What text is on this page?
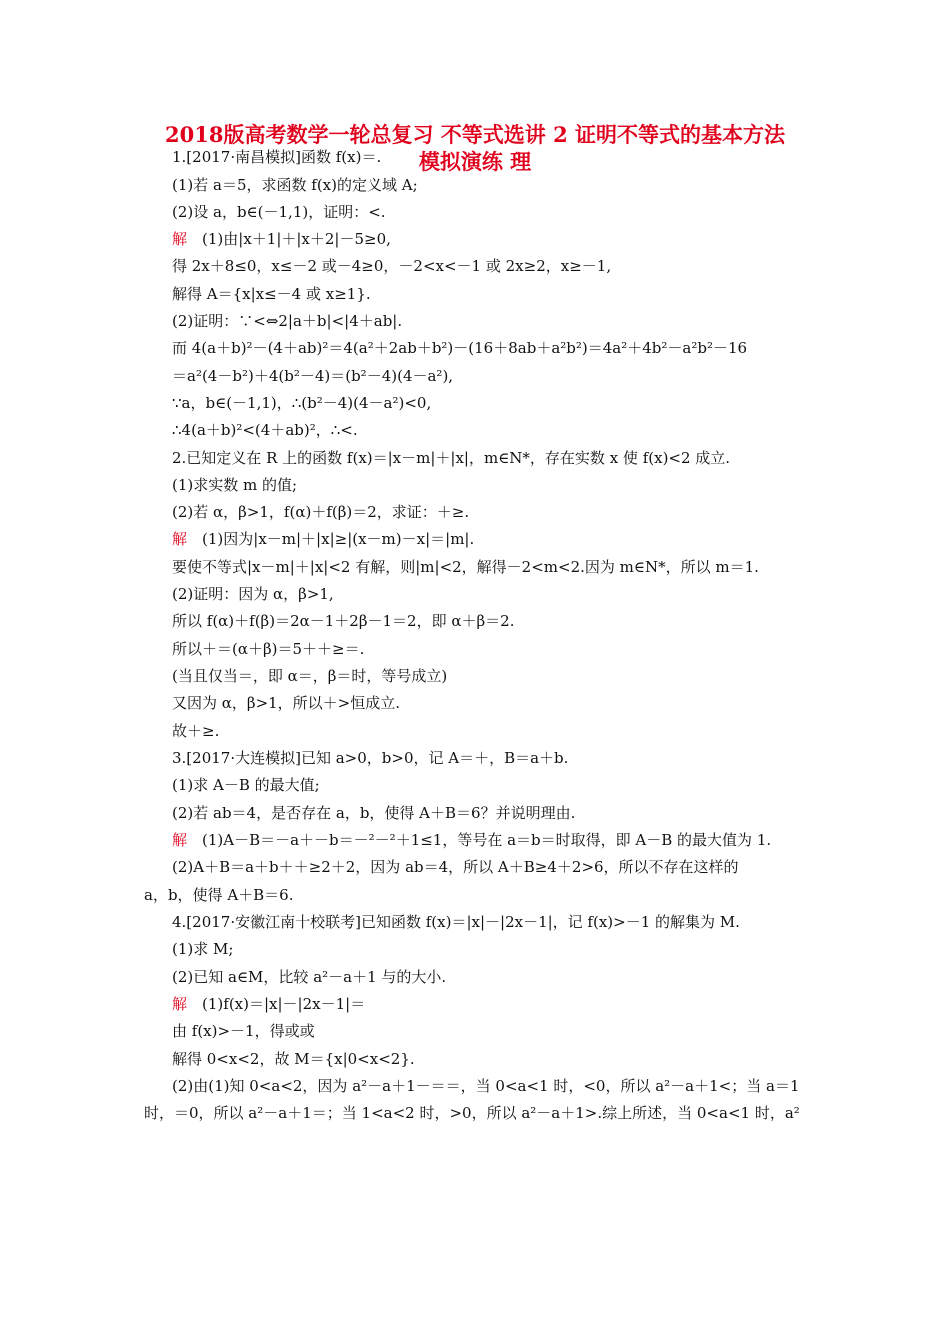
2018版高考数学一轮总复习 不等式选讲 2 证明不等式的基本方法
模拟演练 理
1.[2017·南昌模拟]函数 f(x)＝.
(1)若 a＝5，求函数 f(x)的定义域 A;
(2)设 a，b∈(－1,1)，证明：<.
解  (1)由|x＋1|＋|x＋2|－5≥0,
得 2x＋8≤0，x≤－2 或－4≥0，－2<x<－1 或 2x≥2，x≥－1,
解得 A＝{x|x≤－4 或 x≥1}.
(2)证明：∵<⇔2|a＋b|<|4＋ab|.
而 4(a＋b)²－(4＋ab)²＝4(a²＋2ab＋b²)－(16＋8ab＋a²b²)＝4a²＋4b²－a²b²－16
＝a²(4－b²)＋4(b²－4)＝(b²－4)(4－a²),
∵a，b∈(－1,1)，∴(b²－4)(4－a²)<0,
∴4(a＋b)²<(4＋ab)²，∴<.
2.已知定义在 R 上的函数 f(x)＝|x－m|＋|x|，m∈N*，存在实数 x 使 f(x)<2 成立.
(1)求实数 m 的值;
(2)若 α，β>1，f(α)＋f(β)＝2，求证：＋≥.
解  (1)因为|x－m|＋|x|≥|(x－m)－x|＝|m|.
要使不等式|x－m|＋|x|<2 有解，则|m|<2，解得－2<m<2.因为 m∈N*，所以 m＝1.
(2)证明：因为 α，β>1,
所以 f(α)＋f(β)＝2α－1＋2β－1＝2，即 α＋β＝2.
所以＋＝(α＋β)＝5＋＋≥＝.
(当且仅当＝，即 α＝，β＝时，等号成立)
又因为 α，β>1，所以＋>恒成立.
故＋≥.
3.[2017·大连模拟]已知 a>0，b>0，记 A＝＋，B＝a＋b.
(1)求 A－B 的最大值;
(2)若 ab＝4，是否存在 a，b，使得 A＋B＝6？并说明理由.
解  (1)A－B＝－a＋－b＝－²－²＋1≤1，等号在 a＝b＝时取得，即 A－B 的最大值为 1.
(2)A＋B＝a＋b＋＋≥2＋2，因为 ab＝4，所以 A＋B≥4＋2>6，所以不存在这样的
a，b，使得 A＋B＝6.
4.[2017·安徽江南十校联考]已知函数 f(x)＝|x|－|2x－1|，记 f(x)>－1 的解集为 M.
(1)求 M;
(2)已知 a∈M，比较 a²－a＋1 与的大小.
解  (1)f(x)＝|x|－|2x－1|＝
由 f(x)>－1，得或或
解得 0<x<2，故 M＝{x|0<x<2}.
(2)由(1)知 0<a<2，因为 a²－a＋1－＝＝，当 0<a<1 时，<0，所以 a²－a＋1<；当 a＝1
时，＝0，所以 a²－a＋1＝；当 1<a<2 时，>0，所以 a²－a＋1>.综上所述，当 0<a<1 时，a²
